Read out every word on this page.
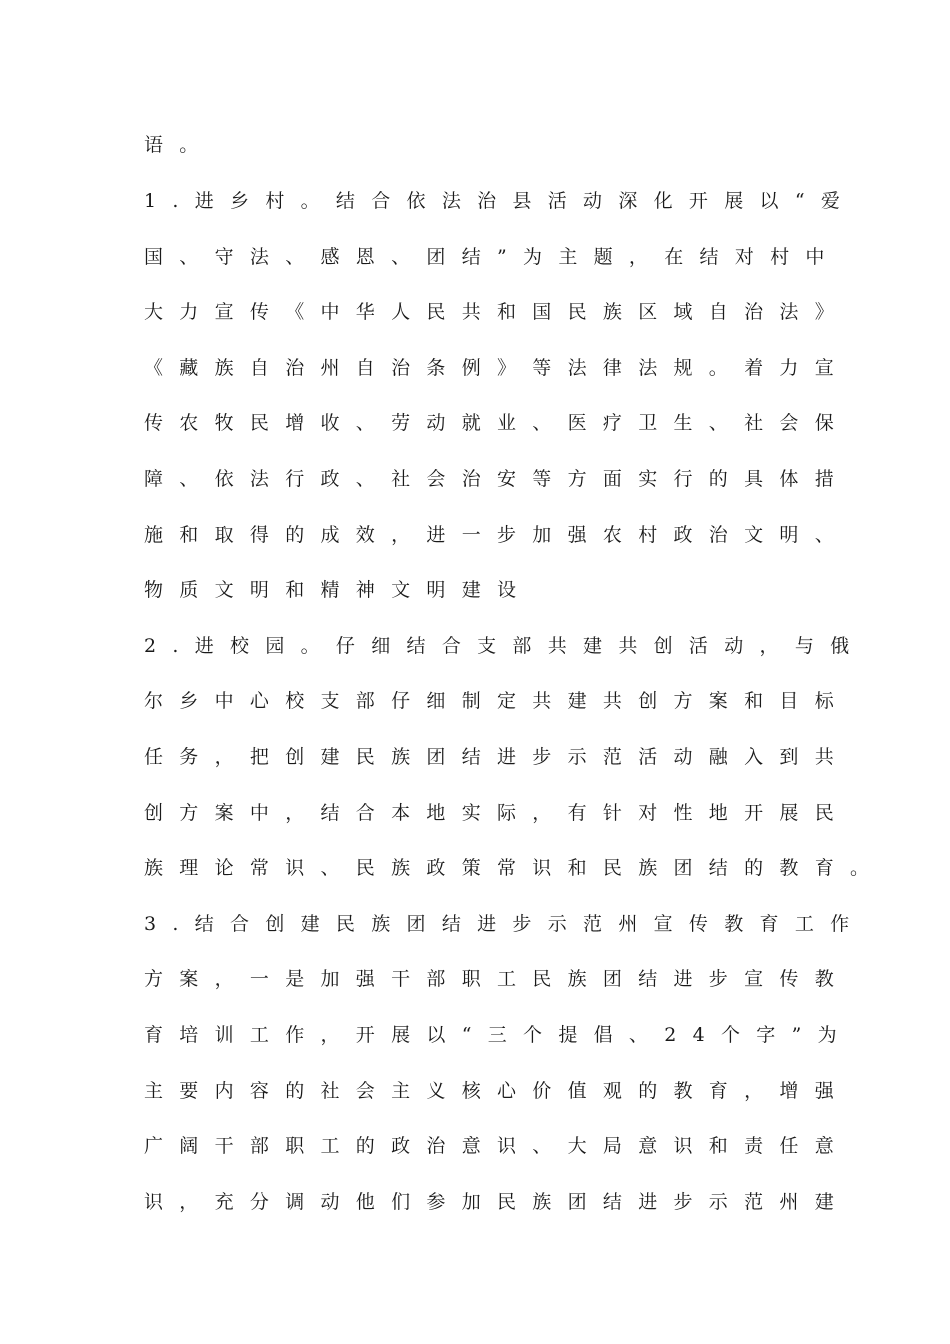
语。
1.进乡村。结合依法治县活动深化开展以“爱
国、守法、感恩、团结”为主题，在结对村中
大力宣传《中华人民共和国民族区域自治法》
《藏族自治州自治条例》等法律法规。着力宣
传农牧民增收、劳动就业、医疗卫生、社会保
障、依法行政、社会治安等方面实行的具体措
施和取得的成效，进一步加强农村政治文明、
物质文明和精神文明建设
2.进校园。仔细结合支部共建共创活动，与俄
尔乡中心校支部仔细制定共建共创方案和目标
任务，把创建民族团结进步示范活动融入到共
创方案中，结合本地实际，有针对性地开展民
族理论常识、民族政策常识和民族团结的教育。
3.结合创建民族团结进步示范州宣传教育工作
方案，一是加强干部职工民族团结进步宣传教
育培训工作，开展以“三个提倡、24个字”为
主要内容的社会主义核心价值观的教育，增强
广阔干部职工的政治意识、大局意识和责任意
识，充分调动他们参加民族团结进步示范州建
